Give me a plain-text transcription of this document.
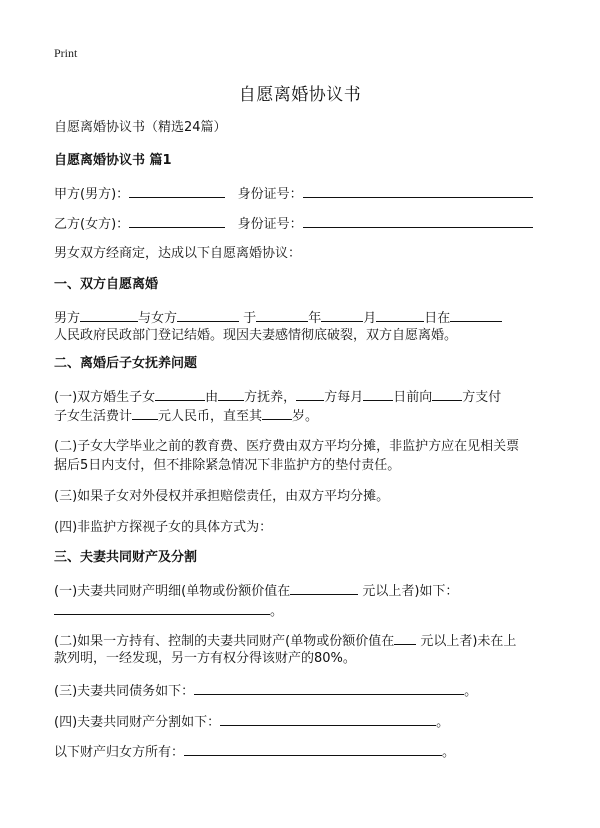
Print
自愿离婚协议书
自愿离婚协议书（精选24篇）
自愿离婚协议书 篇1
甲方(男方)：	身份证号：
乙方(女方)：	身份证号：
男女双方经商定，达成以下自愿离婚协议：
一、双方自愿离婚
男方	与女方	于	年	月	日在
人民政府民政部门登记结婚。现因夫妻感情彻底破裂，双方自愿离婚。
二、离婚后子女抚养问题
(一)双方婚生子女	由 方抚养， 方每月 日前向 方支付
子女生活费计 元人民币，直至其 岁。
(二)子女大学毕业之前的教育费、医疗费由双方平均分摊，非监护方应在见相关票
据后5日内支付，但不排除紧急情况下非监护方的垫付责任。
(三)如果子女对外侵权并承担赔偿责任，由双方平均分摊。
(四)非监护方探视子女的具体方式为：
三、夫妻共同财产及分割
(一)夫妻共同财产明细(单物或份额价值在	元以上者)如下：
。
(二)如果一方持有、控制的夫妻共同财产(单物或份额价值在 元以上者)未在上
款列明，一经发现，另一方有权分得该财产的80%。
(三)夫妻共同债务如下：	。
(四)夫妻共同财产分割如下：	。
以下财产归女方所有：	。
